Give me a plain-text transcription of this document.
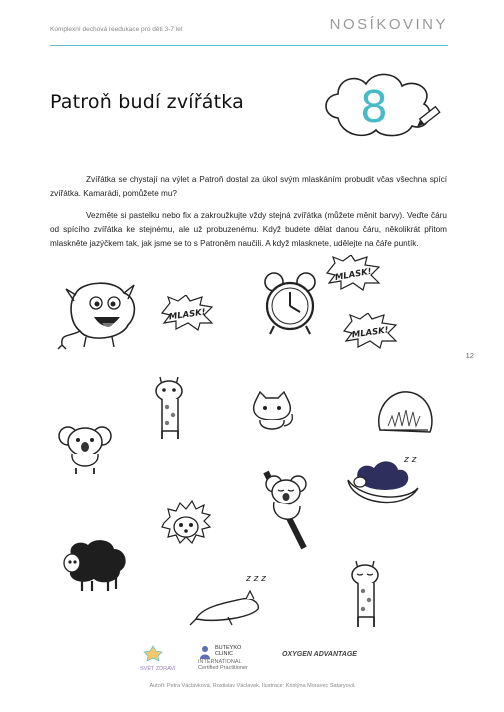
Komplexní dechová reedukace pro děti 3-7 let	NOSÍKOVINY
Patroň budí zvířátka	8

Zvířátka se chystají na výlet a Patroň dostal za úkol svým mlaskáním probudit včas všechna spící zvířátka. Kamarádi, pomůžete mu?

Vezměte si pastelku nebo fix a zakroužkujte vždy stejná zvířátka (můžete měnit barvy). Veďte čáru od spícího zvířátka ke stejnému, ale už probuzenému. Když budete dělat danou čáru, několikrát přitom mlaskněte jazýčkem tak, jak jsme se to s Patroněm naučili. A když mlasknete, udělejte na čáře puntík.

12
MLASK!
MLASK!
MLASK!
z z
z z z
SVĚT ZDRAVÍ
BUTEYKO CLINIC
INTERNATIONAL
Certified Practitioner
OXYGEN ADVANTAGE
Autoři: Petra Václavková, Rostislav Václavek, Ilustrace: Kristýna Moravec Sataryová
